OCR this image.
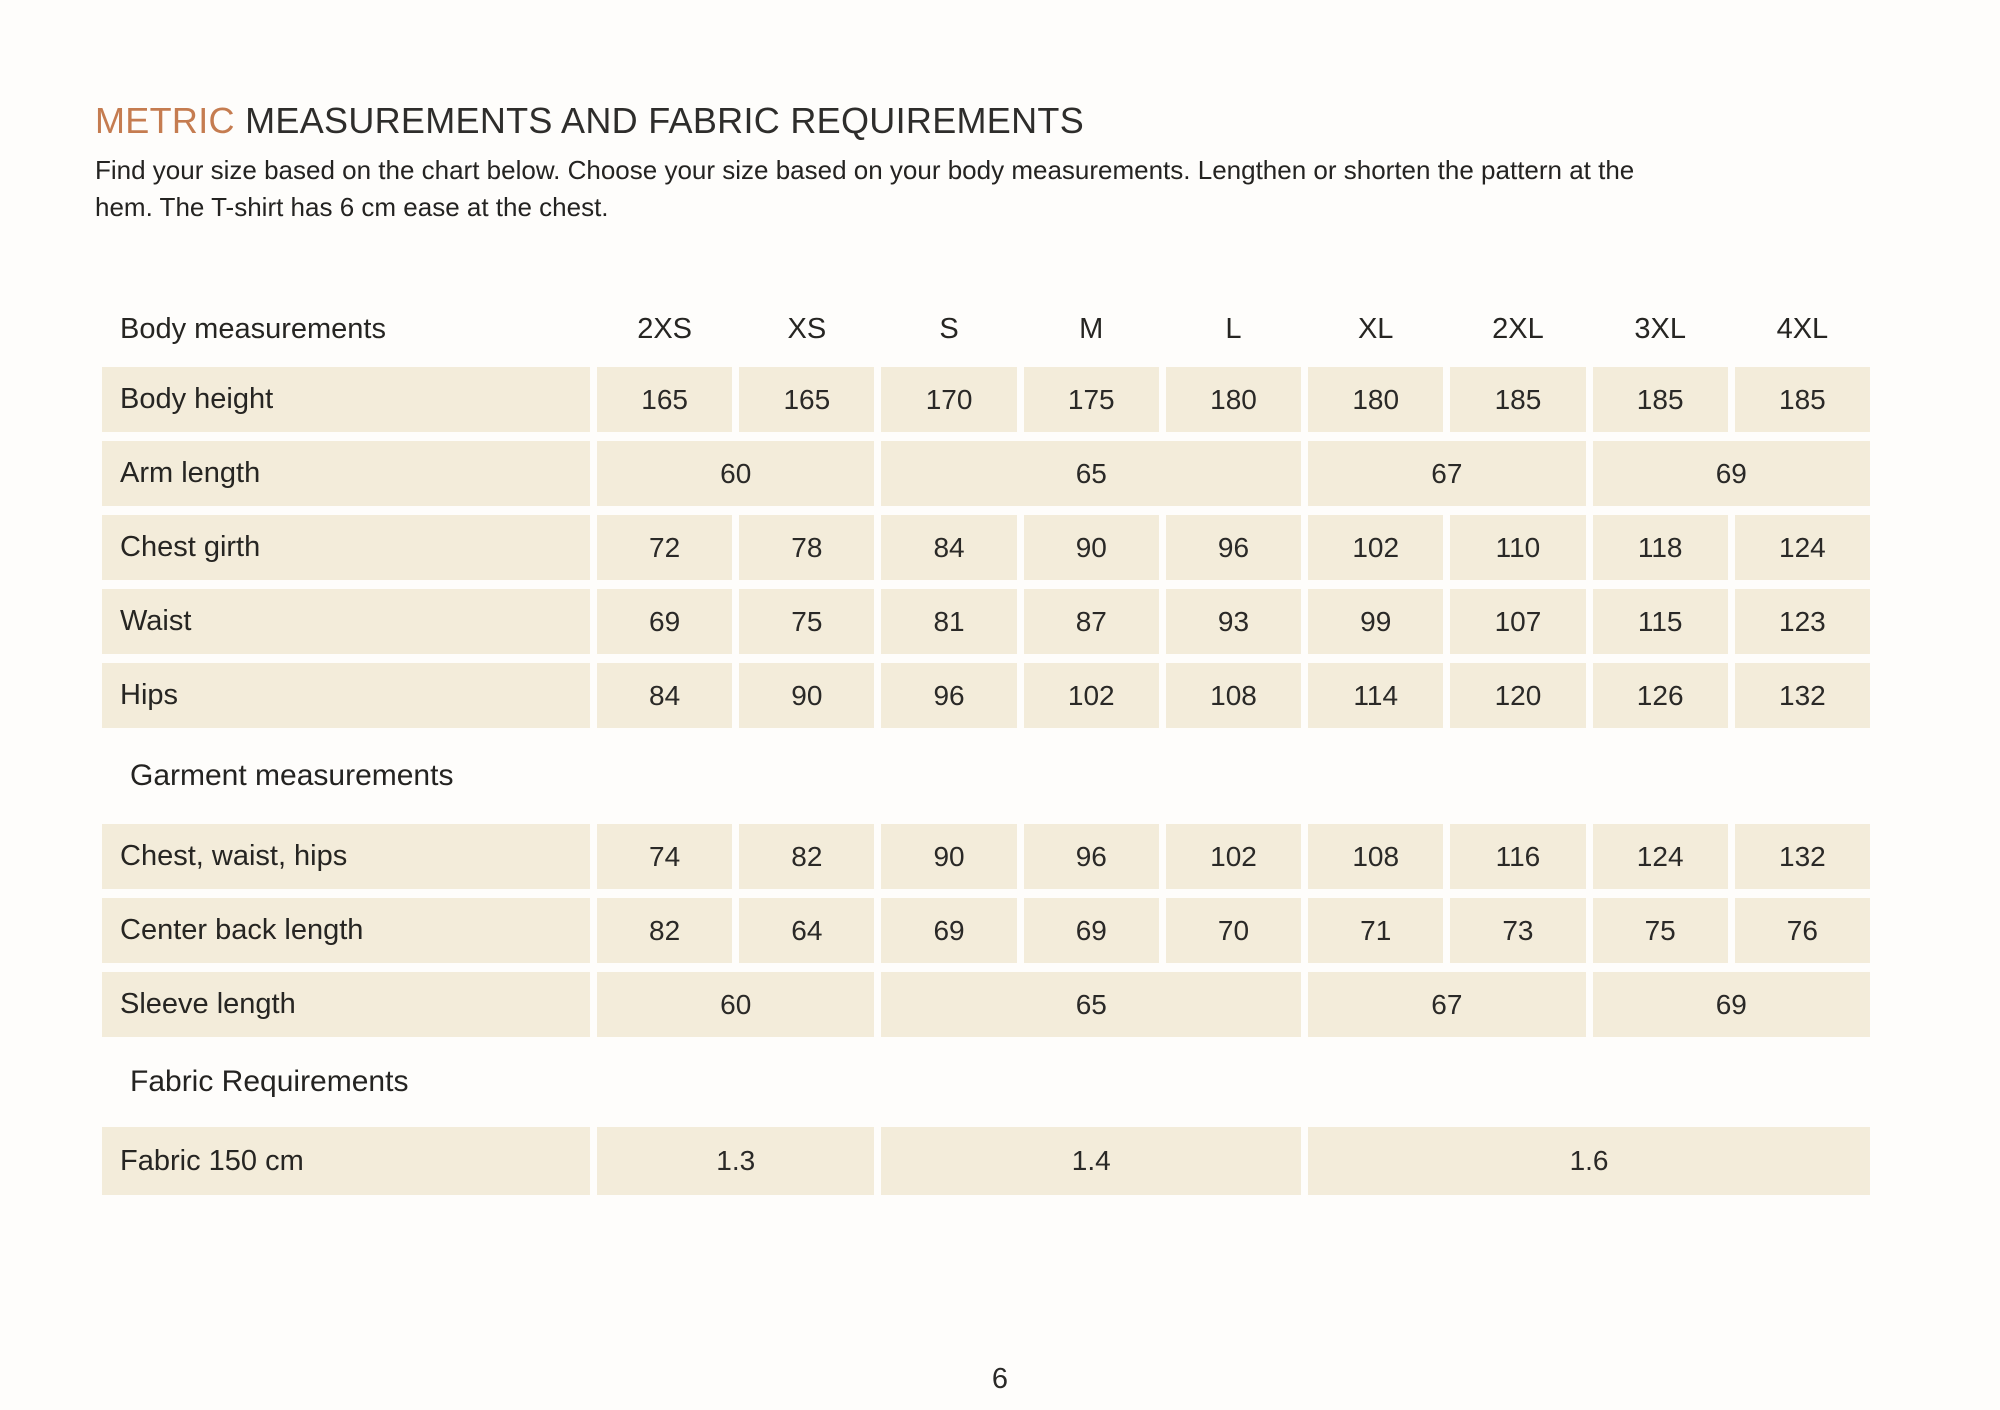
METRIC MEASUREMENTS AND FABRIC REQUIREMENTS
Find your size based on the chart below. Choose your size based on your body measurements. Lengthen or shorten the pattern at the
hem. The T-shirt has 6 cm ease at the chest.
Body measurements	2XS	XS	S	M	L	XL	2XL	3XL	4XL
Body height	165	165	170	175	180	180	185	185	185
Arm length	60	65	67	69
Chest girth	72	78	84	90	96	102	110	118	124
Waist	69	75	81	87	93	99	107	115	123
Hips	84	90	96	102	108	114	120	126	132
Garment measurements
Chest, waist, hips	74	82	90	96	102	108	116	124	132
Center back length	82	64	69	69	70	71	73	75	76
Sleeve length	60	65	67	69
Fabric Requirements
Fabric 150 cm	1.3	1.4	1.6
6
